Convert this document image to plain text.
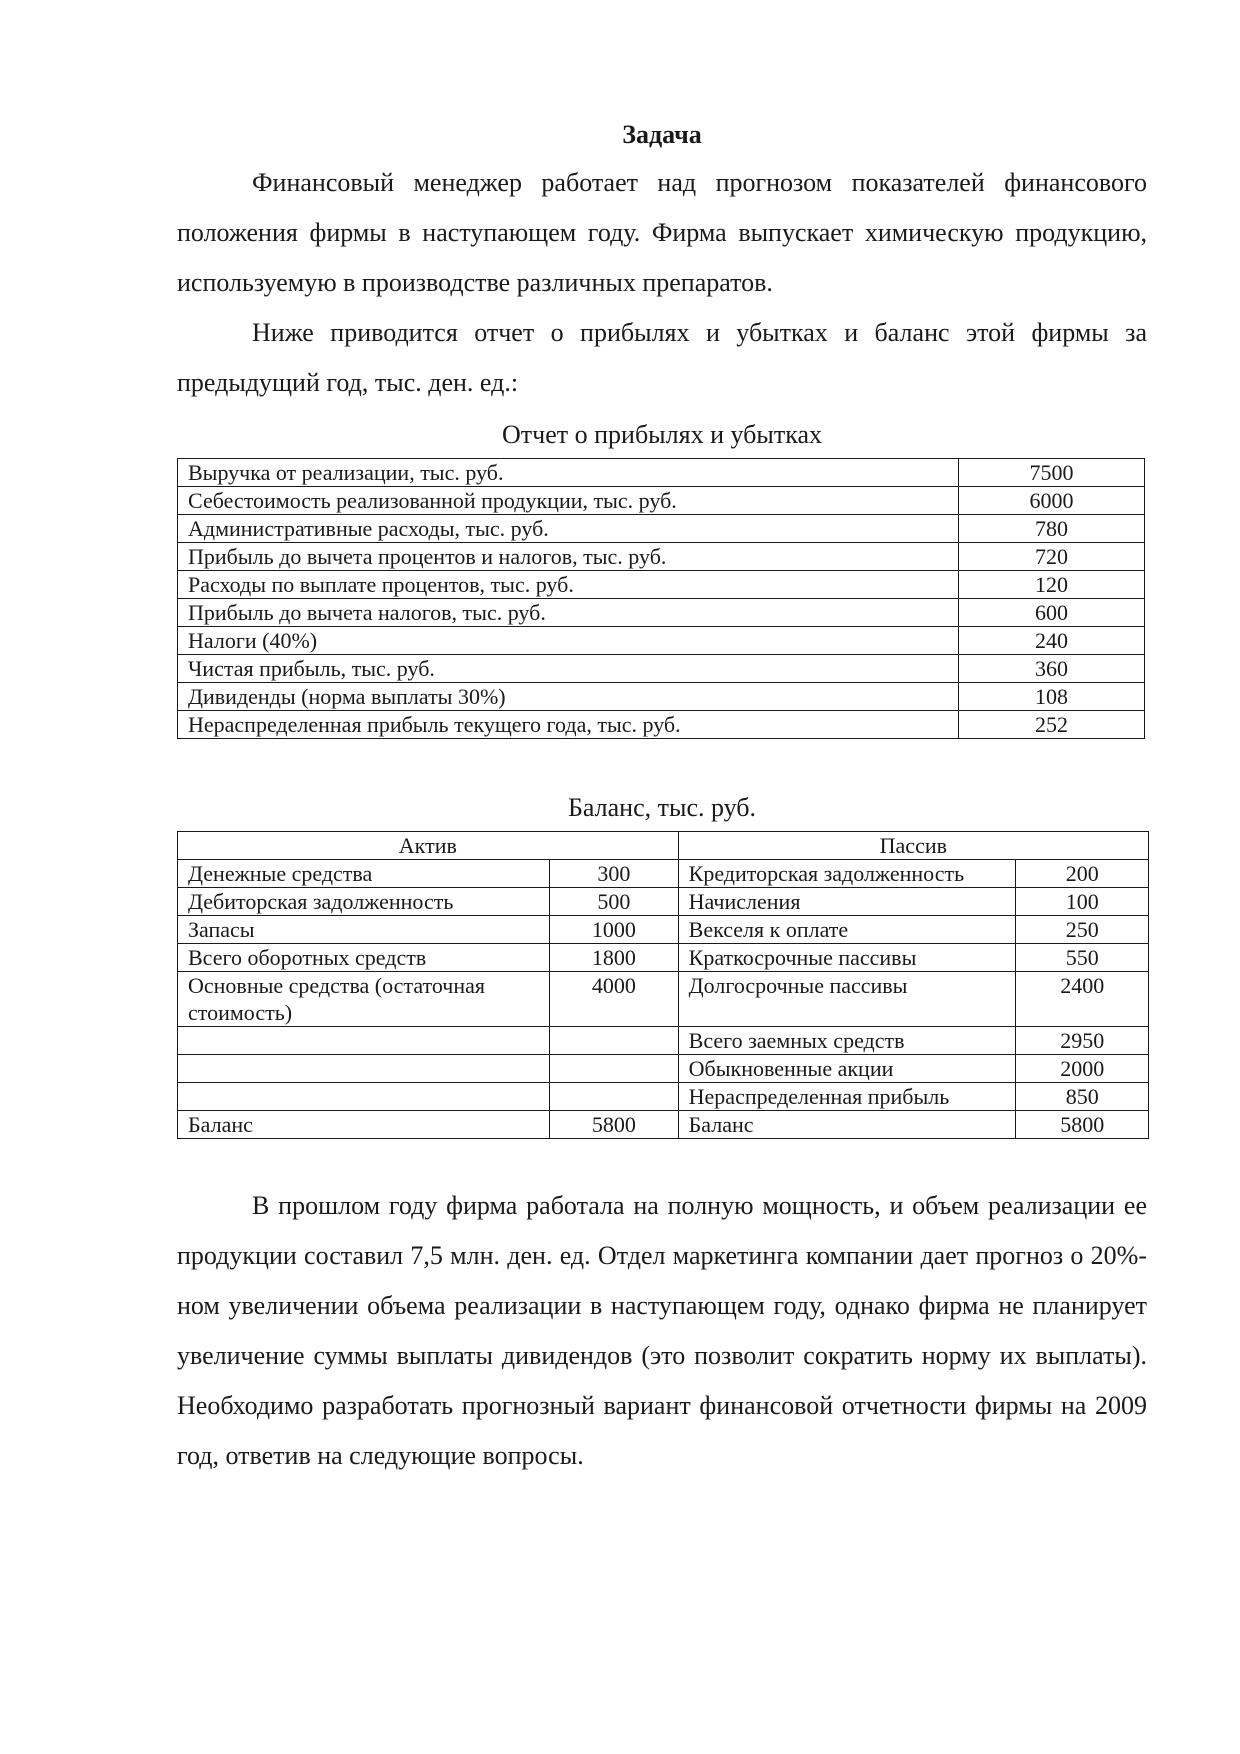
Задача

Финансовый менеджер работает над прогнозом показателей финансового положения фирмы в наступающем году. Фирма выпускает химическую продукцию, используемую в производстве различных препаратов.

Ниже приводится отчет о прибылях и убытках и баланс этой фирмы за предыдущий год, тыс. ден. ед.:

Отчет о прибылях и убытках
Выручка от реализации, тыс. руб.	7500
Себестоимость реализованной продукции, тыс. руб.	6000
Административные расходы, тыс. руб.	780
Прибыль до вычета процентов и налогов, тыс. руб.	720
Расходы по выплате процентов, тыс. руб.	120
Прибыль до вычета налогов, тыс. руб.	600
Налоги (40%)	240
Чистая прибыль, тыс. руб.	360
Дивиденды (норма выплаты 30%)	108
Нераспределенная прибыль текущего года, тыс. руб.	252
Баланс, тыс. руб.
Актив		Пассив	
Денежные средства	300	Кредиторская задолженность	200
Дебиторская задолженность	500	Начисления	100
Запасы	1000	Векселя к оплате	250
Всего оборотных средств	1800	Краткосрочные пассивы	550
Основные средства (остаточная стоимость)	4000	Долгосрочные пассивы	2400
		Всего заемных средств	2950
		Обыкновенные акции	2000
		Нераспределенная прибыль	850
Баланс	5800	Баланс	5800

В прошлом году фирма работала на полную мощность, и объем реализации ее продукции составил 7,5 млн. ден. ед. Отдел маркетинга компании дает прогноз о 20%-ном увеличении объема реализации в наступающем году, однако фирма не планирует увеличение суммы выплаты дивидендов (это позволит сократить норму их выплаты). Необходимо разработать прогнозный вариант финансовой отчетности фирмы на 2009 год, ответив на следующие вопросы.
